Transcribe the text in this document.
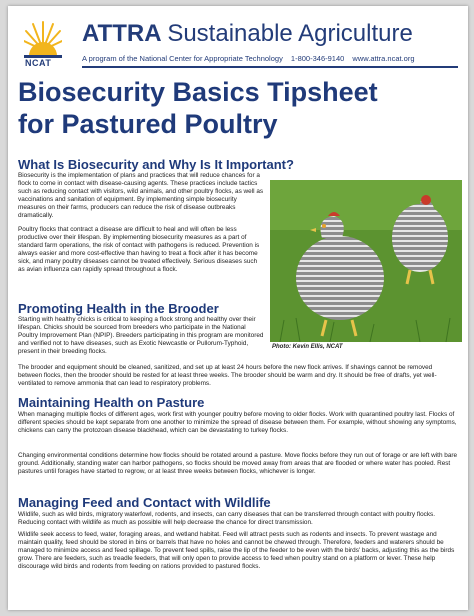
NCAT
ATTRA Sustainable Agriculture
A program of the National Center for Appropriate Technology 1-800-346-9140 www.attra.ncat.org
Biosecurity Basics Tipsheet
for Pastured Poultry
What Is Biosecurity and Why Is It Important?

Biosecurity is the implementation of plans and practices that will reduce chances for a flock to come in contact with disease-causing agents. These practices include tactics such as reducing contact with visitors, wild animals, and other poultry flocks, as well as vaccinations and sanitation of equipment. By implementing simple biosecurity measures on their farms, producers can reduce the risk of disease outbreaks dramatically.

Poultry flocks that contract a disease are difficult to heal and will often be less productive over their lifespan. By implementing biosecurity measures as a part of standard farm operations, the risk of contact with pathogens is reduced. Prevention is always easier and more cost-effective than having to treat a flock after it has become sick, and many poultry diseases cannot be treated effectively. Serious diseases such as avian influenza can rapidly spread throughout a flock.

Promoting Health in the Brooder

Starting with healthy chicks is critical to keeping a flock strong and healthy over their lifespan. Chicks should be sourced from breeders who participate in the National Poultry Improvement Plan (NPIP). Breeders participating in this program are monitored and verified not to have diseases, such as Exotic Newcastle or Pullorum-Typhoid, present in their breeding flocks.

The brooder and equipment should be cleaned, sanitized, and set up at least 24 hours before the new flock arrives. If shavings cannot be removed between flocks, then the brooder should be rested for at least three weeks. The brooder should be warm and dry. It should be free of drafts, yet well-ventilated to remove ammonia that can lead to respiratory problems.

Photo: Kevin Ellis, NCAT
Maintaining Health on Pasture

When managing multiple flocks of different ages, work first with younger poultry before moving to older flocks. Work with quarantined poultry last. Flocks of different species should be kept separate from one another to minimize the spread of disease between them. For example, without showing any symptoms, chickens can carry the protozoan disease blackhead, which can be devastating to turkey flocks.

Changing environmental conditions determine how flocks should be rotated around a pasture. Move flocks before they run out of forage or are left with bare ground. Additionally, standing water can harbor pathogens, so flocks should be moved away from areas that are flooded or where water has pooled. Rest pastures until forages have started to regrow, or at least three weeks between flocks, whichever is longer.

Managing Feed and Contact with Wildlife

Wildlife, such as wild birds, migratory waterfowl, rodents, and insects, can carry diseases that can be transferred through contact with poultry flocks. Reducing contact with wildlife as much as possible will help decrease the chance for direct transmission.

Wildlife seek access to feed, water, foraging areas, and wetland habitat. Feed will attract pests such as rodents and insects. To prevent wastage and maintain quality, feed should be stored in bins or barrels that have no holes and cannot be chewed through. Therefore, feeders and waterers should be managed to minimize access and feed spillage. To prevent feed spills, raise the lip of the feeder to be even with the birds' backs, adjusting this as the birds grow. There are feeders, such as treadle feeders, that will only open to provide access to feed when poultry stand on a platform or lever. These help discourage wild birds and rodents from feeding on rations provided to pastured flocks.
